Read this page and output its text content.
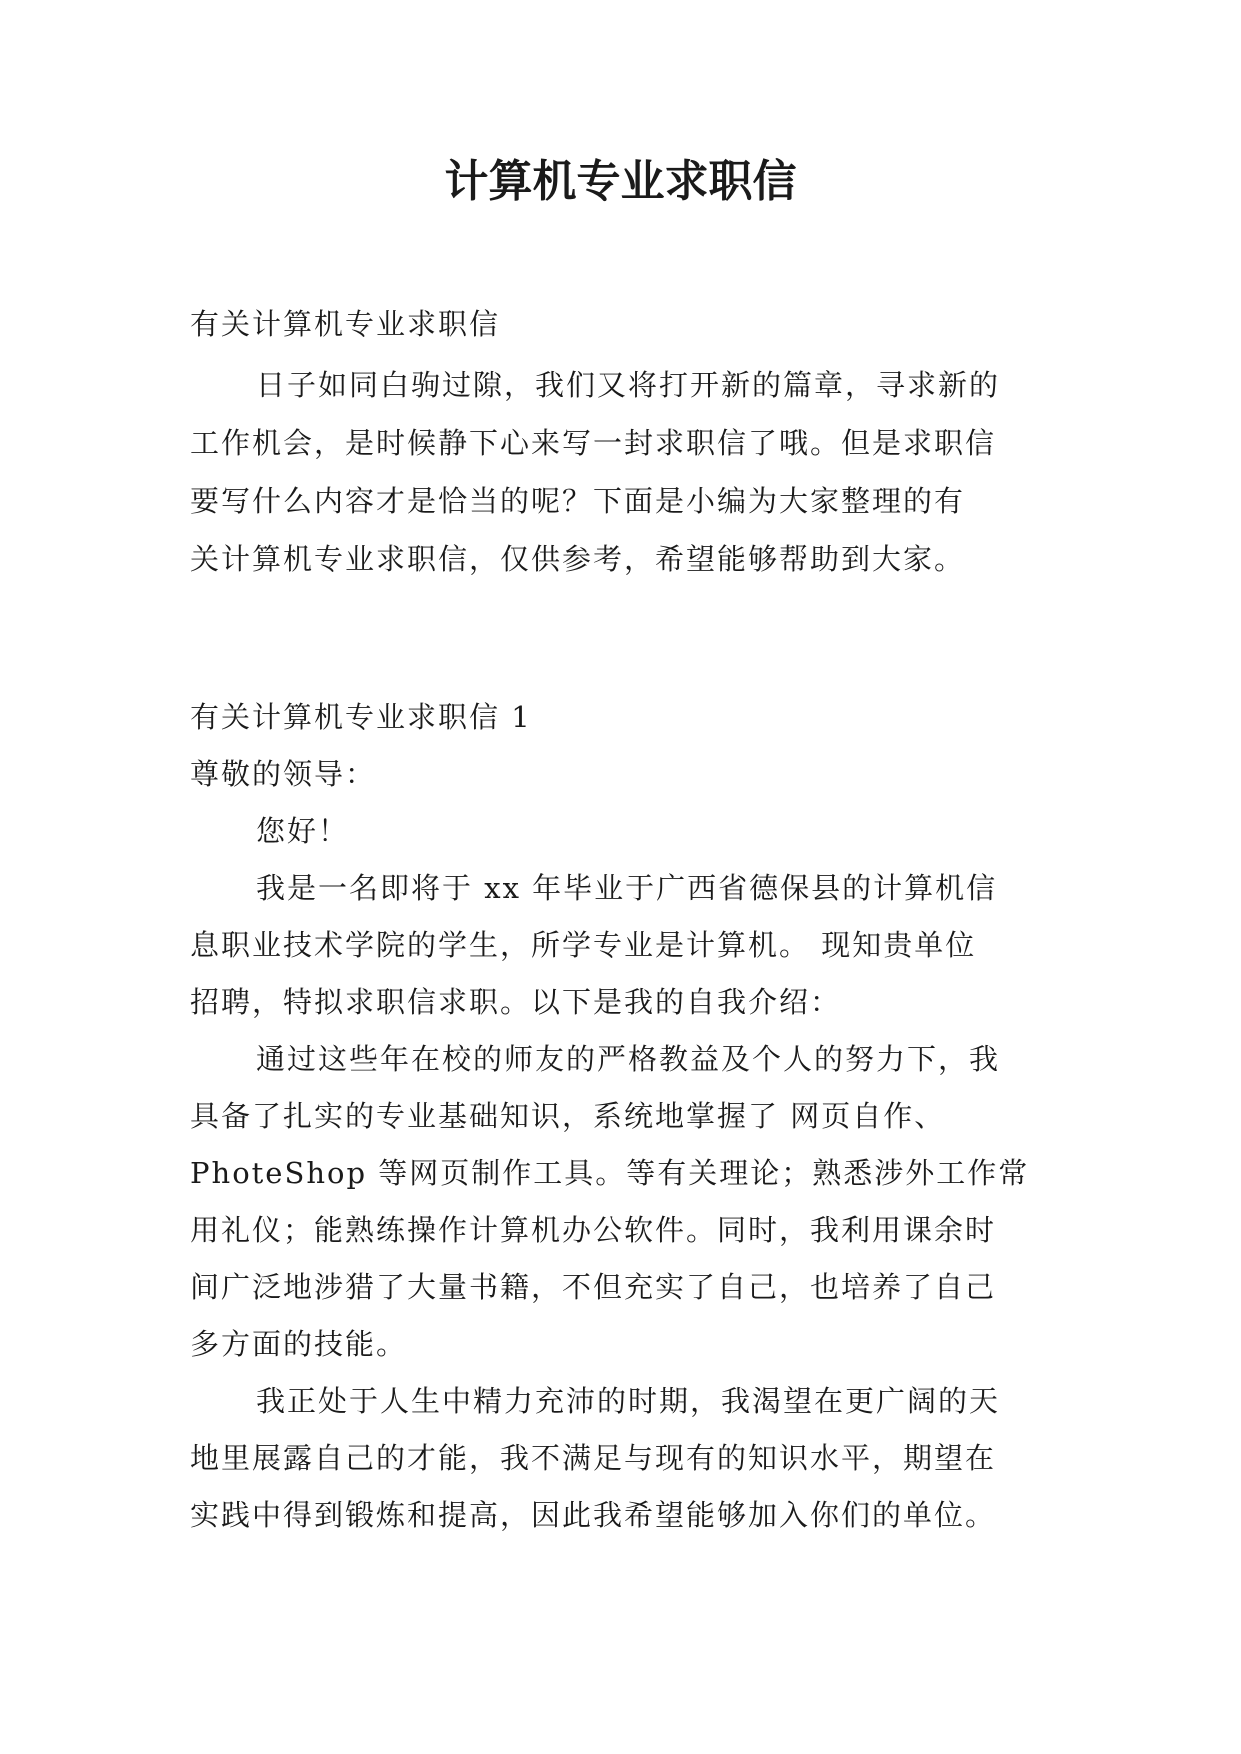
计算机专业求职信

有关计算机专业求职信

日子如同白驹过隙，我们又将打开新的篇章，寻求新的

工作机会，是时候静下心来写一封求职信了哦。但是求职信

要写什么内容才是恰当的呢？下面是小编为大家整理的有

关计算机专业求职信，仅供参考，希望能够帮助到大家。

有关计算机专业求职信 1

尊敬的领导：

您好！

我是一名即将于 xx 年毕业于广西省德保县的计算机信

息职业技术学院的学生，所学专业是计算机。 现知贵单位

招聘，特拟求职信求职。以下是我的自我介绍：

通过这些年在校的师友的严格教益及个人的努力下，我

具备了扎实的专业基础知识，系统地掌握了 网页自作、

PhoteShop 等网页制作工具。等有关理论；熟悉涉外工作常

用礼仪；能熟练操作计算机办公软件。同时，我利用课余时

间广泛地涉猎了大量书籍，不但充实了自己，也培养了自己

多方面的技能。

我正处于人生中精力充沛的时期，我渴望在更广阔的天

地里展露自己的才能，我不满足与现有的知识水平，期望在

实践中得到锻炼和提高，因此我希望能够加入你们的单位。
